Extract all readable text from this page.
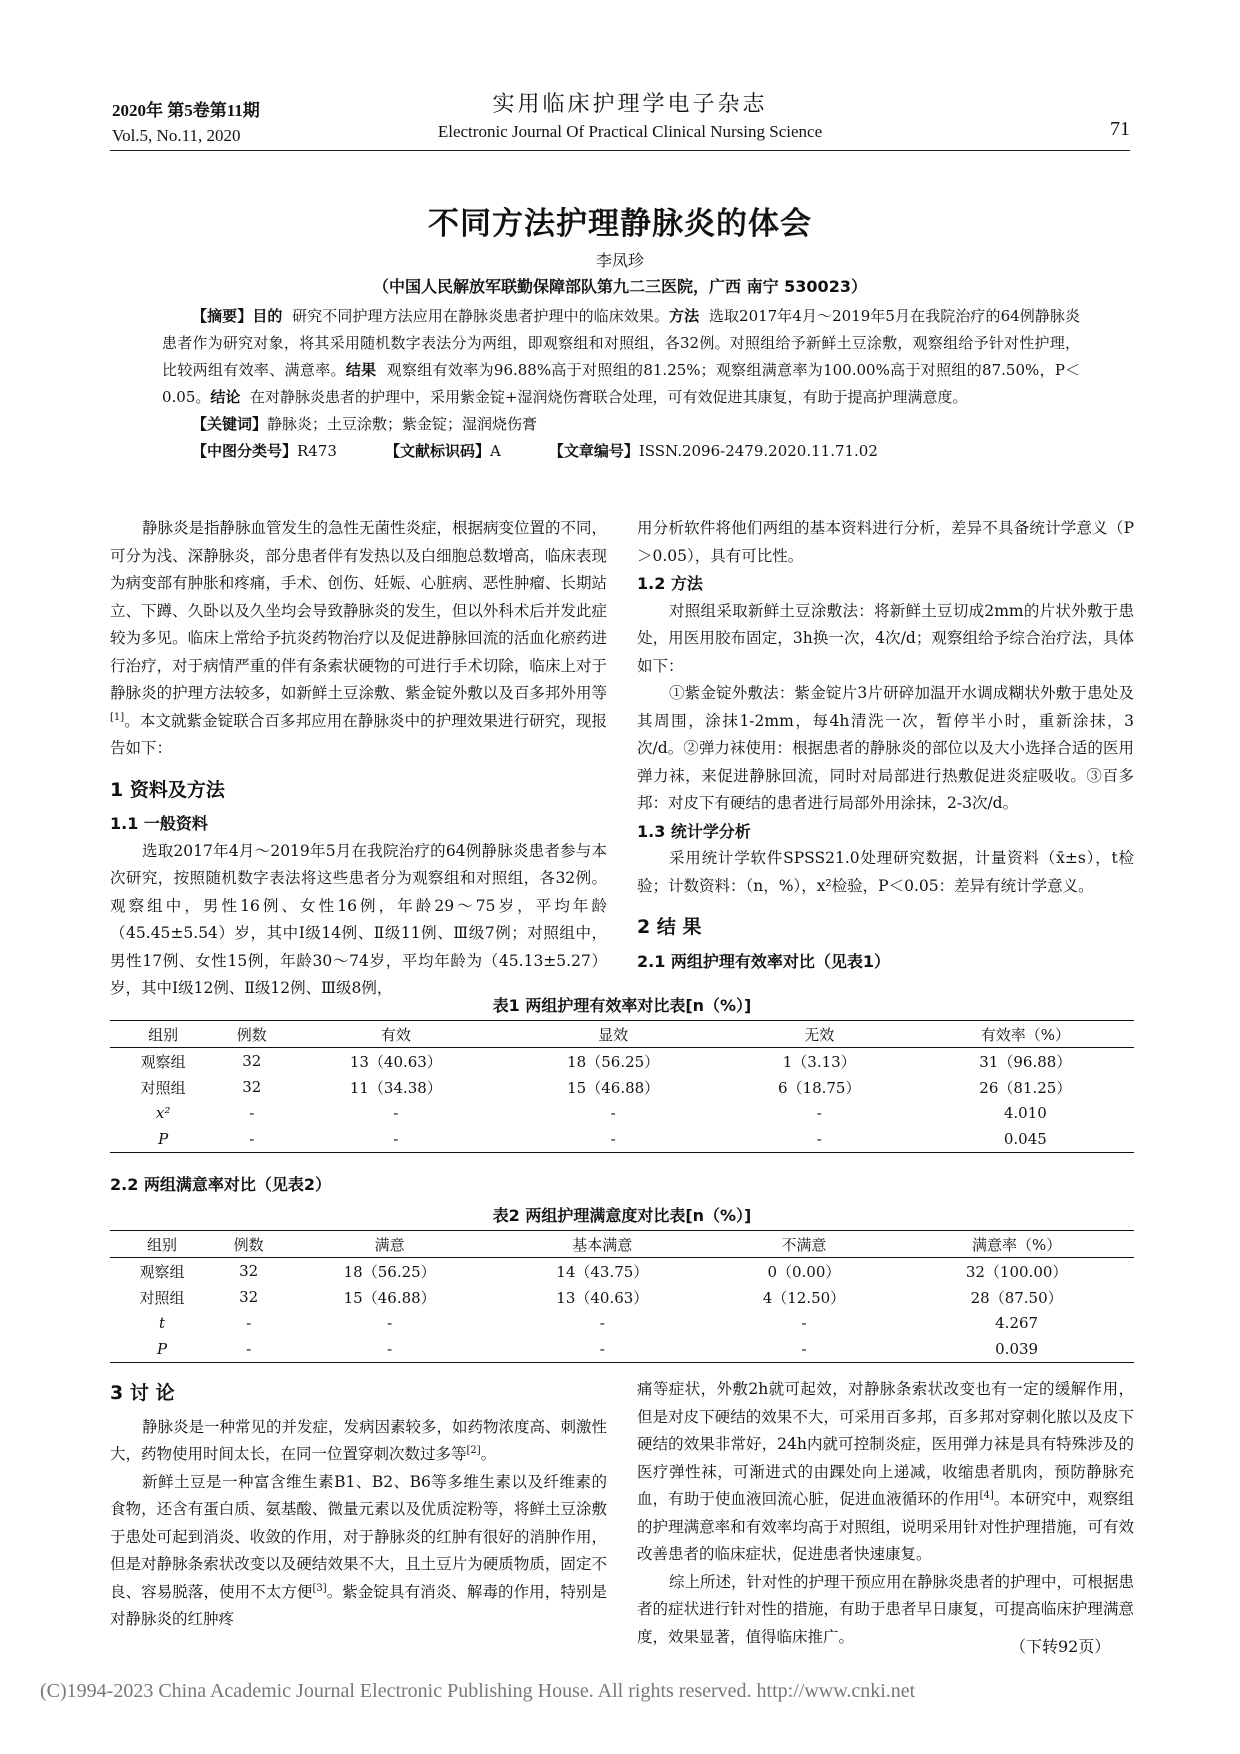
2020年 第5卷第11期
Vol.5, No.11, 2020
实用临床护理学电子杂志
Electronic Journal Of Practical Clinical Nursing Science	71
不同方法护理静脉炎的体会
李凤珍
（中国人民解放军联勤保障部队第九二三医院，广西 南宁 530023）

【摘要】目的 研究不同护理方法应用在静脉炎患者护理中的临床效果。方法 选取2017年4月～2019年5月在我院治疗的64例静脉炎患者作为研究对象，将其采用随机数字表法分为两组，即观察组和对照组，各32例。对照组给予新鲜土豆涂敷，观察组给予针对性护理，比较两组有效率、满意率。结果 观察组有效率为96.88%高于对照组的81.25%；观察组满意率为100.00%高于对照组的87.50%，P＜0.05。结论 在对静脉炎患者的护理中，采用紫金锭+湿润烧伤膏联合处理，可有效促进其康复，有助于提高护理满意度。

【关键词】静脉炎；土豆涂敷；紫金锭；湿润烧伤膏
【中图分类号】R473	【文献标识码】A	【文章编号】ISSN.2096-2479.2020.11.71.02

静脉炎是指静脉血管发生的急性无菌性炎症，根据病变位置的不同，可分为浅、深静脉炎，部分患者伴有发热以及白细胞总数增高，临床表现为病变部有肿胀和疼痛，手术、创伤、妊娠、心脏病、恶性肿瘤、长期站立、下蹲、久卧以及久坐均会导致静脉炎的发生，但以外科术后并发此症较为多见。临床上常给予抗炎药物治疗以及促进静脉回流的活血化瘀药进行治疗，对于病情严重的伴有条索状硬物的可进行手术切除，临床上对于静脉炎的护理方法较多，如新鲜土豆涂敷、紫金锭外敷以及百多邦外用等[1]。本文就紫金锭联合百多邦应用在静脉炎中的护理效果进行研究，现报告如下：

1 资料及方法
1.1 一般资料

选取2017年4月～2019年5月在我院治疗的64例静脉炎患者参与本次研究，按照随机数字表法将这些患者分为观察组和对照组，各32例。观察组中，男性16例、女性16例，年龄29～75岁，平均年龄（45.45±5.54）岁，其中Ⅰ级14例、Ⅱ级11例、Ⅲ级7例；对照组中，男性17例、女性15例，年龄30～74岁，平均年龄为（45.13±5.27）岁，其中Ⅰ级12例、Ⅱ级12例、Ⅲ级8例，

用分析软件将他们两组的基本资料进行分析，差异不具备统计学意义（P＞0.05），具有可比性。

1.2 方法

对照组采取新鲜土豆涂敷法：将新鲜土豆切成2mm的片状外敷于患处，用医用胶布固定，3h换一次，4次/d；观察组给予综合治疗法，具体如下：

①紫金锭外敷法：紫金锭片3片研碎加温开水调成糊状外敷于患处及其周围，涂抹1-2mm，每4h清洗一次，暂停半小时，重新涂抹，3次/d。②弹力袜使用：根据患者的静脉炎的部位以及大小选择合适的医用弹力袜，来促进静脉回流，同时对局部进行热敷促进炎症吸收。③百多邦：对皮下有硬结的患者进行局部外用涂抹，2-3次/d。

1.3 统计学分析

采用统计学软件SPSS21.0处理研究数据，计量资料（x̄±s），t检验；计数资料：（n，%），x²检验，P＜0.05：差异有统计学意义。

2 结 果
2.1 两组护理有效率对比（见表1）
表1 两组护理有效率对比表[n（%）]
组别	例数	有效	显效	无效	有效率（%）
观察组	32	13（40.63）	18（56.25）	1（3.13）	31（96.88）
对照组	32	11（34.38）	15（46.88）	6（18.75）	26（81.25）
x²	-	-	-	-	4.010
P	-	-	-	-	0.045
2.2 两组满意率对比（见表2）
表2 两组护理满意度对比表[n（%）]
组别	例数	满意	基本满意	不满意	满意率（%）
观察组	32	18（56.25）	14（43.75）	0（0.00）	32（100.00）
对照组	32	15（46.88）	13（40.63）	4（12.50）	28（87.50）
t	-	-	-	-	4.267
P	-	-	-	-	0.039
3 讨 论

静脉炎是一种常见的并发症，发病因素较多，如药物浓度高、刺激性大，药物使用时间太长，在同一位置穿刺次数过多等[2]。

新鲜土豆是一种富含维生素B1、B2、B6等多维生素以及纤维素的食物，还含有蛋白质、氨基酸、微量元素以及优质淀粉等，将鲜土豆涂敷于患处可起到消炎、收敛的作用，对于静脉炎的红肿有很好的消肿作用，但是对静脉条索状改变以及硬结效果不大，且土豆片为硬质物质，固定不良、容易脱落，使用不太方便[3]。紫金锭具有消炎、解毒的作用，特别是对静脉炎的红肿疼

痛等症状，外敷2h就可起效，对静脉条索状改变也有一定的缓解作用，但是对皮下硬结的效果不大，可采用百多邦，百多邦对穿刺化脓以及皮下硬结的效果非常好，24h内就可控制炎症，医用弹力袜是具有特殊涉及的医疗弹性袜，可渐进式的由踝处向上递减，收缩患者肌肉，预防静脉充血，有助于使血液回流心脏，促进血液循环的作用[4]。本研究中，观察组的护理满意率和有效率均高于对照组，说明采用针对性护理措施，可有效改善患者的临床症状，促进患者快速康复。

综上所述，针对性的护理干预应用在静脉炎患者的护理中，可根据患者的症状进行针对性的措施，有助于患者早日康复，可提高临床护理满意度，效果显著，值得临床推广。

（下转92页）
(C)1994-2023 China Academic Journal Electronic Publishing House. All rights reserved. http://www.cnki.net
